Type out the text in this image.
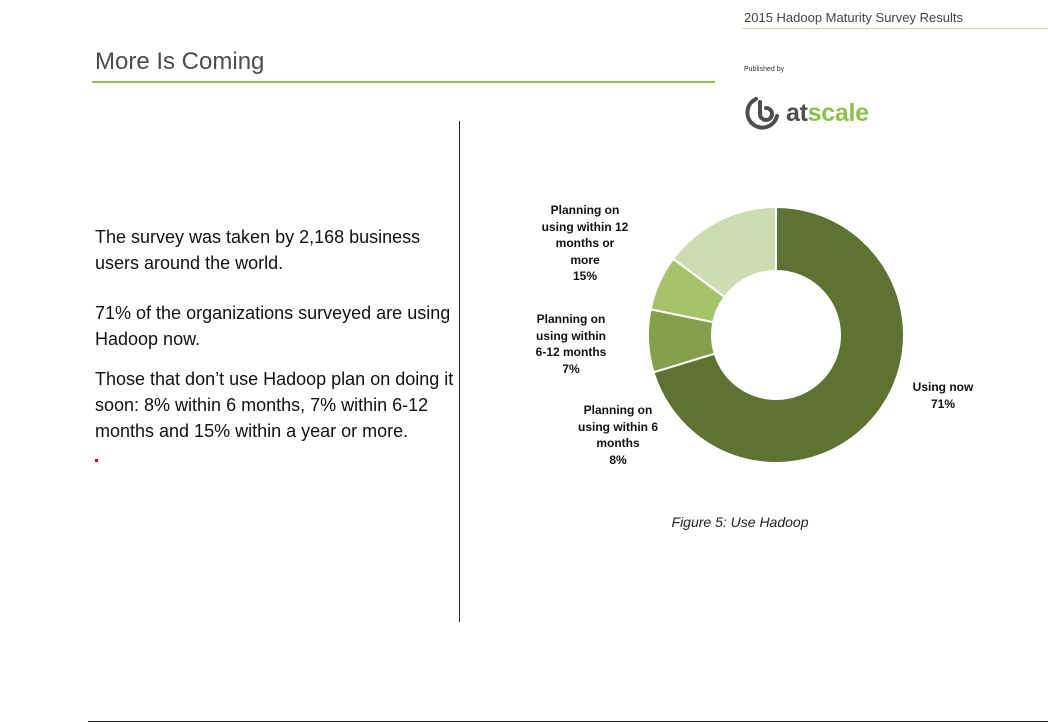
2015 Hadoop Maturity Survey Results
More Is Coming	Published by
atscale
The survey was taken by 2,168 business users around the world.
71% of the organizations surveyed are using Hadoop now.
Those that don’t use Hadoop plan on doing it soon: 8% within 6 months, 7% within 6-12 months and 15% within a year or more.
Using now
71%
Planning on
using within 6
months
8%
Planning on
using within
6-12 months
7%
Planning on
using within 12
months or
more
15%
Figure 5: Use Hadoop
